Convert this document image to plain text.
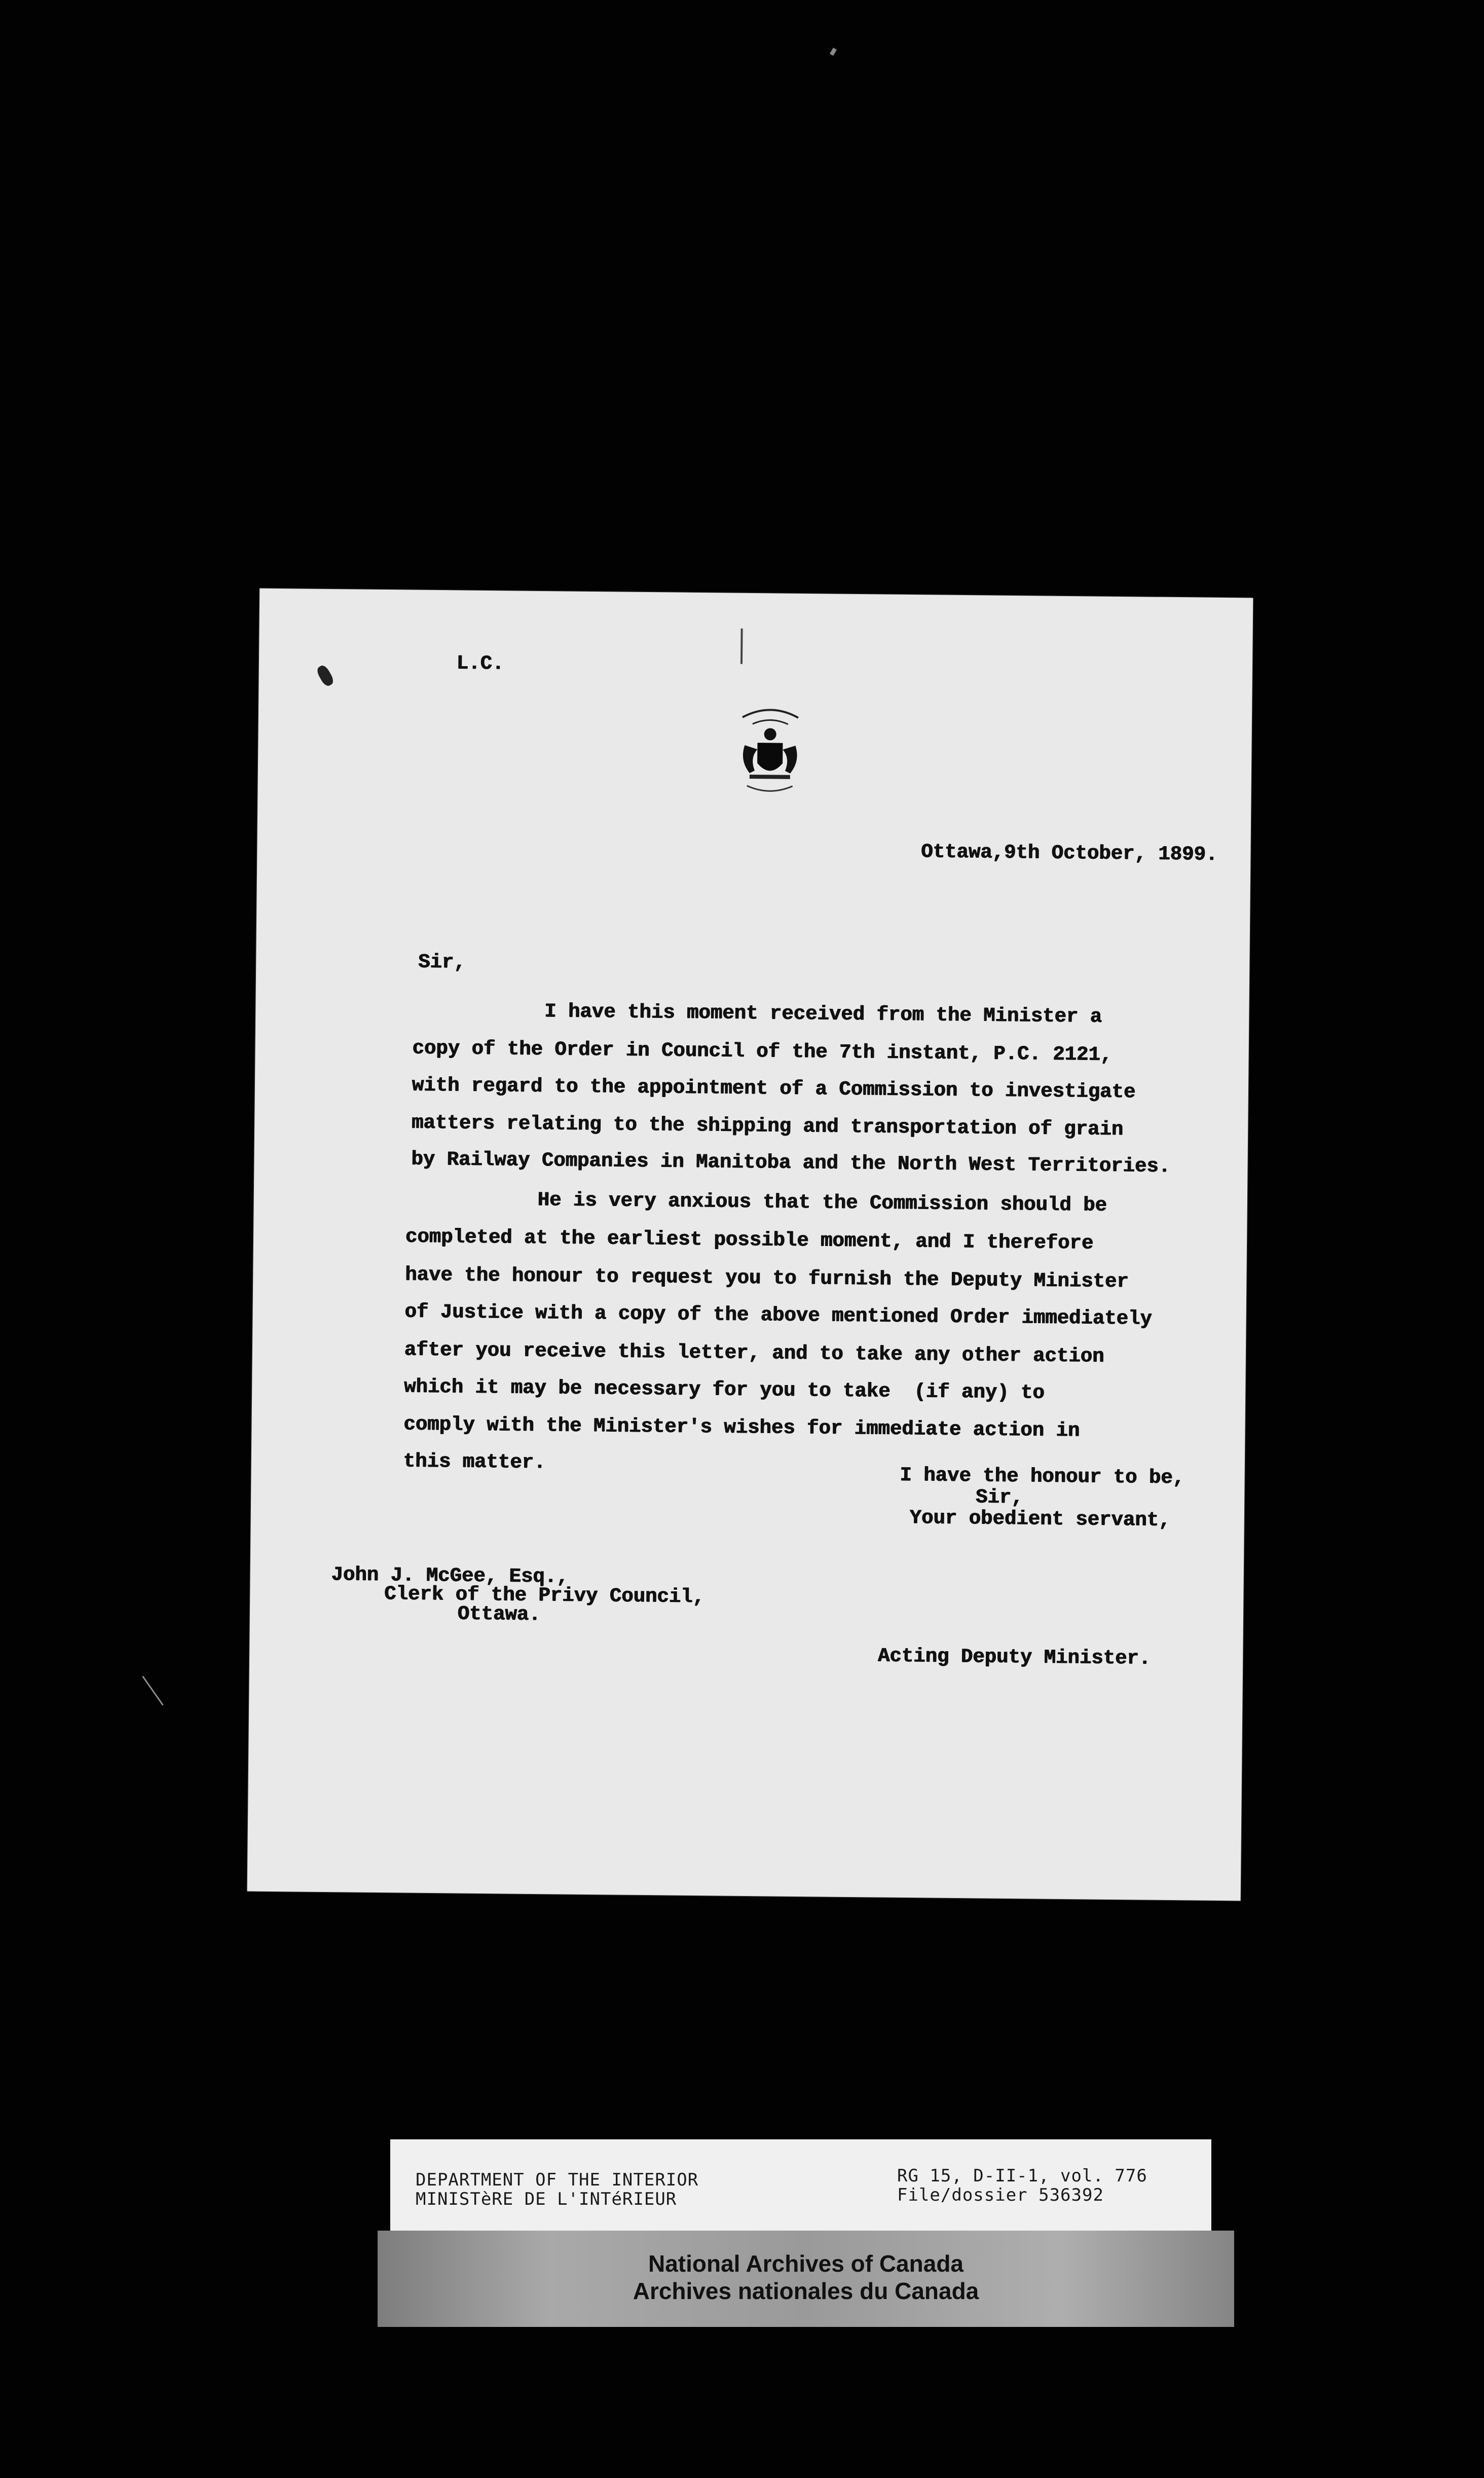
L.C.
Ottawa,9th October, 1899.
Sir,
I have this moment received from the Minister a
copy of the Order in Council of the 7th instant, P.C. 2121,
with regard to the appointment of a Commission to investigate
matters relating to the shipping and transportation of grain
by Railway Companies in Manitoba and the North West Territories.
He is very anxious that the Commission should be
completed at the earliest possible moment, and I therefore
have the honour to request you to furnish the Deputy Minister
of Justice with a copy of the above mentioned Order immediately
after you receive this letter, and to take any other action
which it may be necessary for you to take  (if any) to
comply with the Minister's wishes for immediate action in
this matter.
I have the honour to be,
Sir,
Your obedient servant,
John J. McGee, Esq.,
Clerk of the Privy Council,
Ottawa.
Acting Deputy Minister.
DEPARTMENT OF THE INTERIOR
MINISTèRE DE L'INTéRIEUR
RG 15, D-II-1, vol. 776
File/dossier 536392
National Archives of Canada
Archives nationales du Canada
